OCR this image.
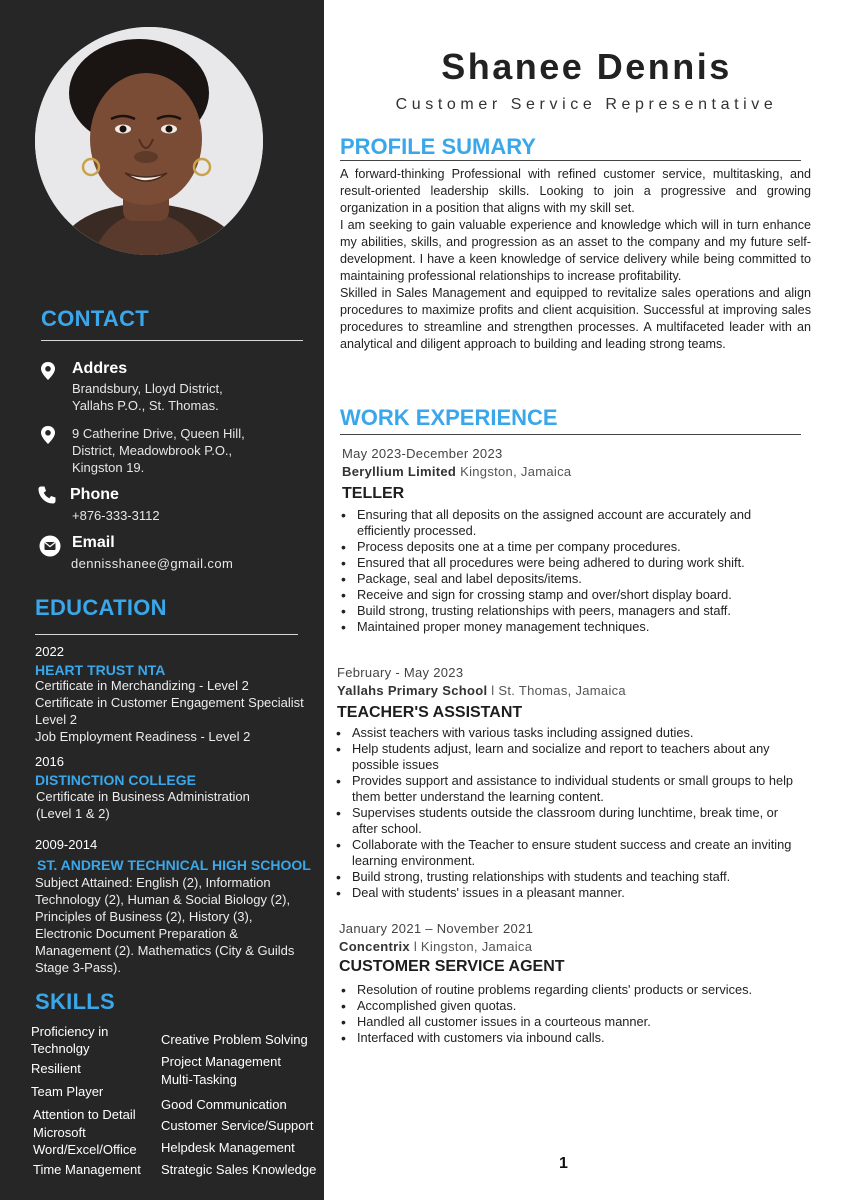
CONTACT
Addres
Brandsbury, Lloyd District,
Yallahs P.O., St. Thomas.
9 Catherine Drive, Queen Hill,
District, Meadowbrook P.O.,
Kingston 19.
Phone
+876-333-3112
Email
dennisshanee@gmail.com
EDUCATION
2022
HEART TRUST NTA
Certificate in Merchandizing - Level 2
Certificate in Customer Engagement Specialist
Level 2
Job Employment Readiness - Level 2
2016
DISTINCTION COLLEGE
Certificate in Business Administration
(Level 1 & 2)
2009-2014
ST. ANDREW TECHNICAL HIGH SCHOOL
Subject Attained: English (2), Information
Technology (2), Human & Social Biology (2),
Principles of Business (2), History (3),
Electronic Document Preparation &
Management (2). Mathematics (City & Guilds
Stage 3-Pass).
SKILLS
Proficiency in
Technolgy
Resilient
Team Player
Attention to Detail
Microsoft
Word/Excel/Office
Time Management
Creative Problem Solving
Project Management
Multi-Tasking
Good Communication
Customer Service/Support
Helpdesk Management
Strategic Sales Knowledge
Shanee Dennis
Customer Service Representative
PROFILE SUMARY

A forward-thinking Professional with refined customer service, multitasking, and result-oriented leadership skills. Looking to join a progressive and growing organization in a position that aligns with my skill set.

I am seeking to gain valuable experience and knowledge which will in turn enhance my abilities, skills, and progression as an asset to the company and my future self-development. I have a keen knowledge of service delivery while being committed to maintaining professional relationships to increase profitability.

Skilled in Sales Management and equipped to revitalize sales operations and align procedures to maximize profits and client acquisition. Successful at improving sales procedures to streamline and strengthen processes. A multifaceted leader with an analytical and diligent approach to building and leading strong teams.

WORK EXPERIENCE
May 2023-December 2023
Beryllium Limited Kingston, Jamaica
TELLER
• Ensuring that all deposits on the assigned account are accurately and efficiently processed.
• Process deposits one at a time per company procedures.
• Ensured that all procedures were being adhered to during work shift.
• Package, seal and label deposits/items.
• Receive and sign for crossing stamp and over/short display board.
• Build strong, trusting relationships with peers, managers and staff.
• Maintained proper money management techniques.
February - May 2023
Yallahs Primary School l St. Thomas, Jamaica
TEACHER'S ASSISTANT
• Assist teachers with various tasks including assigned duties.
• Help students adjust, learn and socialize and report to teachers about any possible issues
• Provides support and assistance to individual students or small groups to help them better understand the learning content.
• Supervises students outside the classroom during lunchtime, break time, or after school.
• Collaborate with the Teacher to ensure student success and create an inviting learning environment.
• Build strong, trusting relationships with students and teaching staff.
• Deal with students' issues in a pleasant manner.
January 2021 – November 2021
Concentrix l Kingston, Jamaica
CUSTOMER SERVICE AGENT
• Resolution of routine problems regarding clients' products or services.
• Accomplished given quotas.
• Handled all customer issues in a courteous manner.
• Interfaced with customers via inbound calls.
1
